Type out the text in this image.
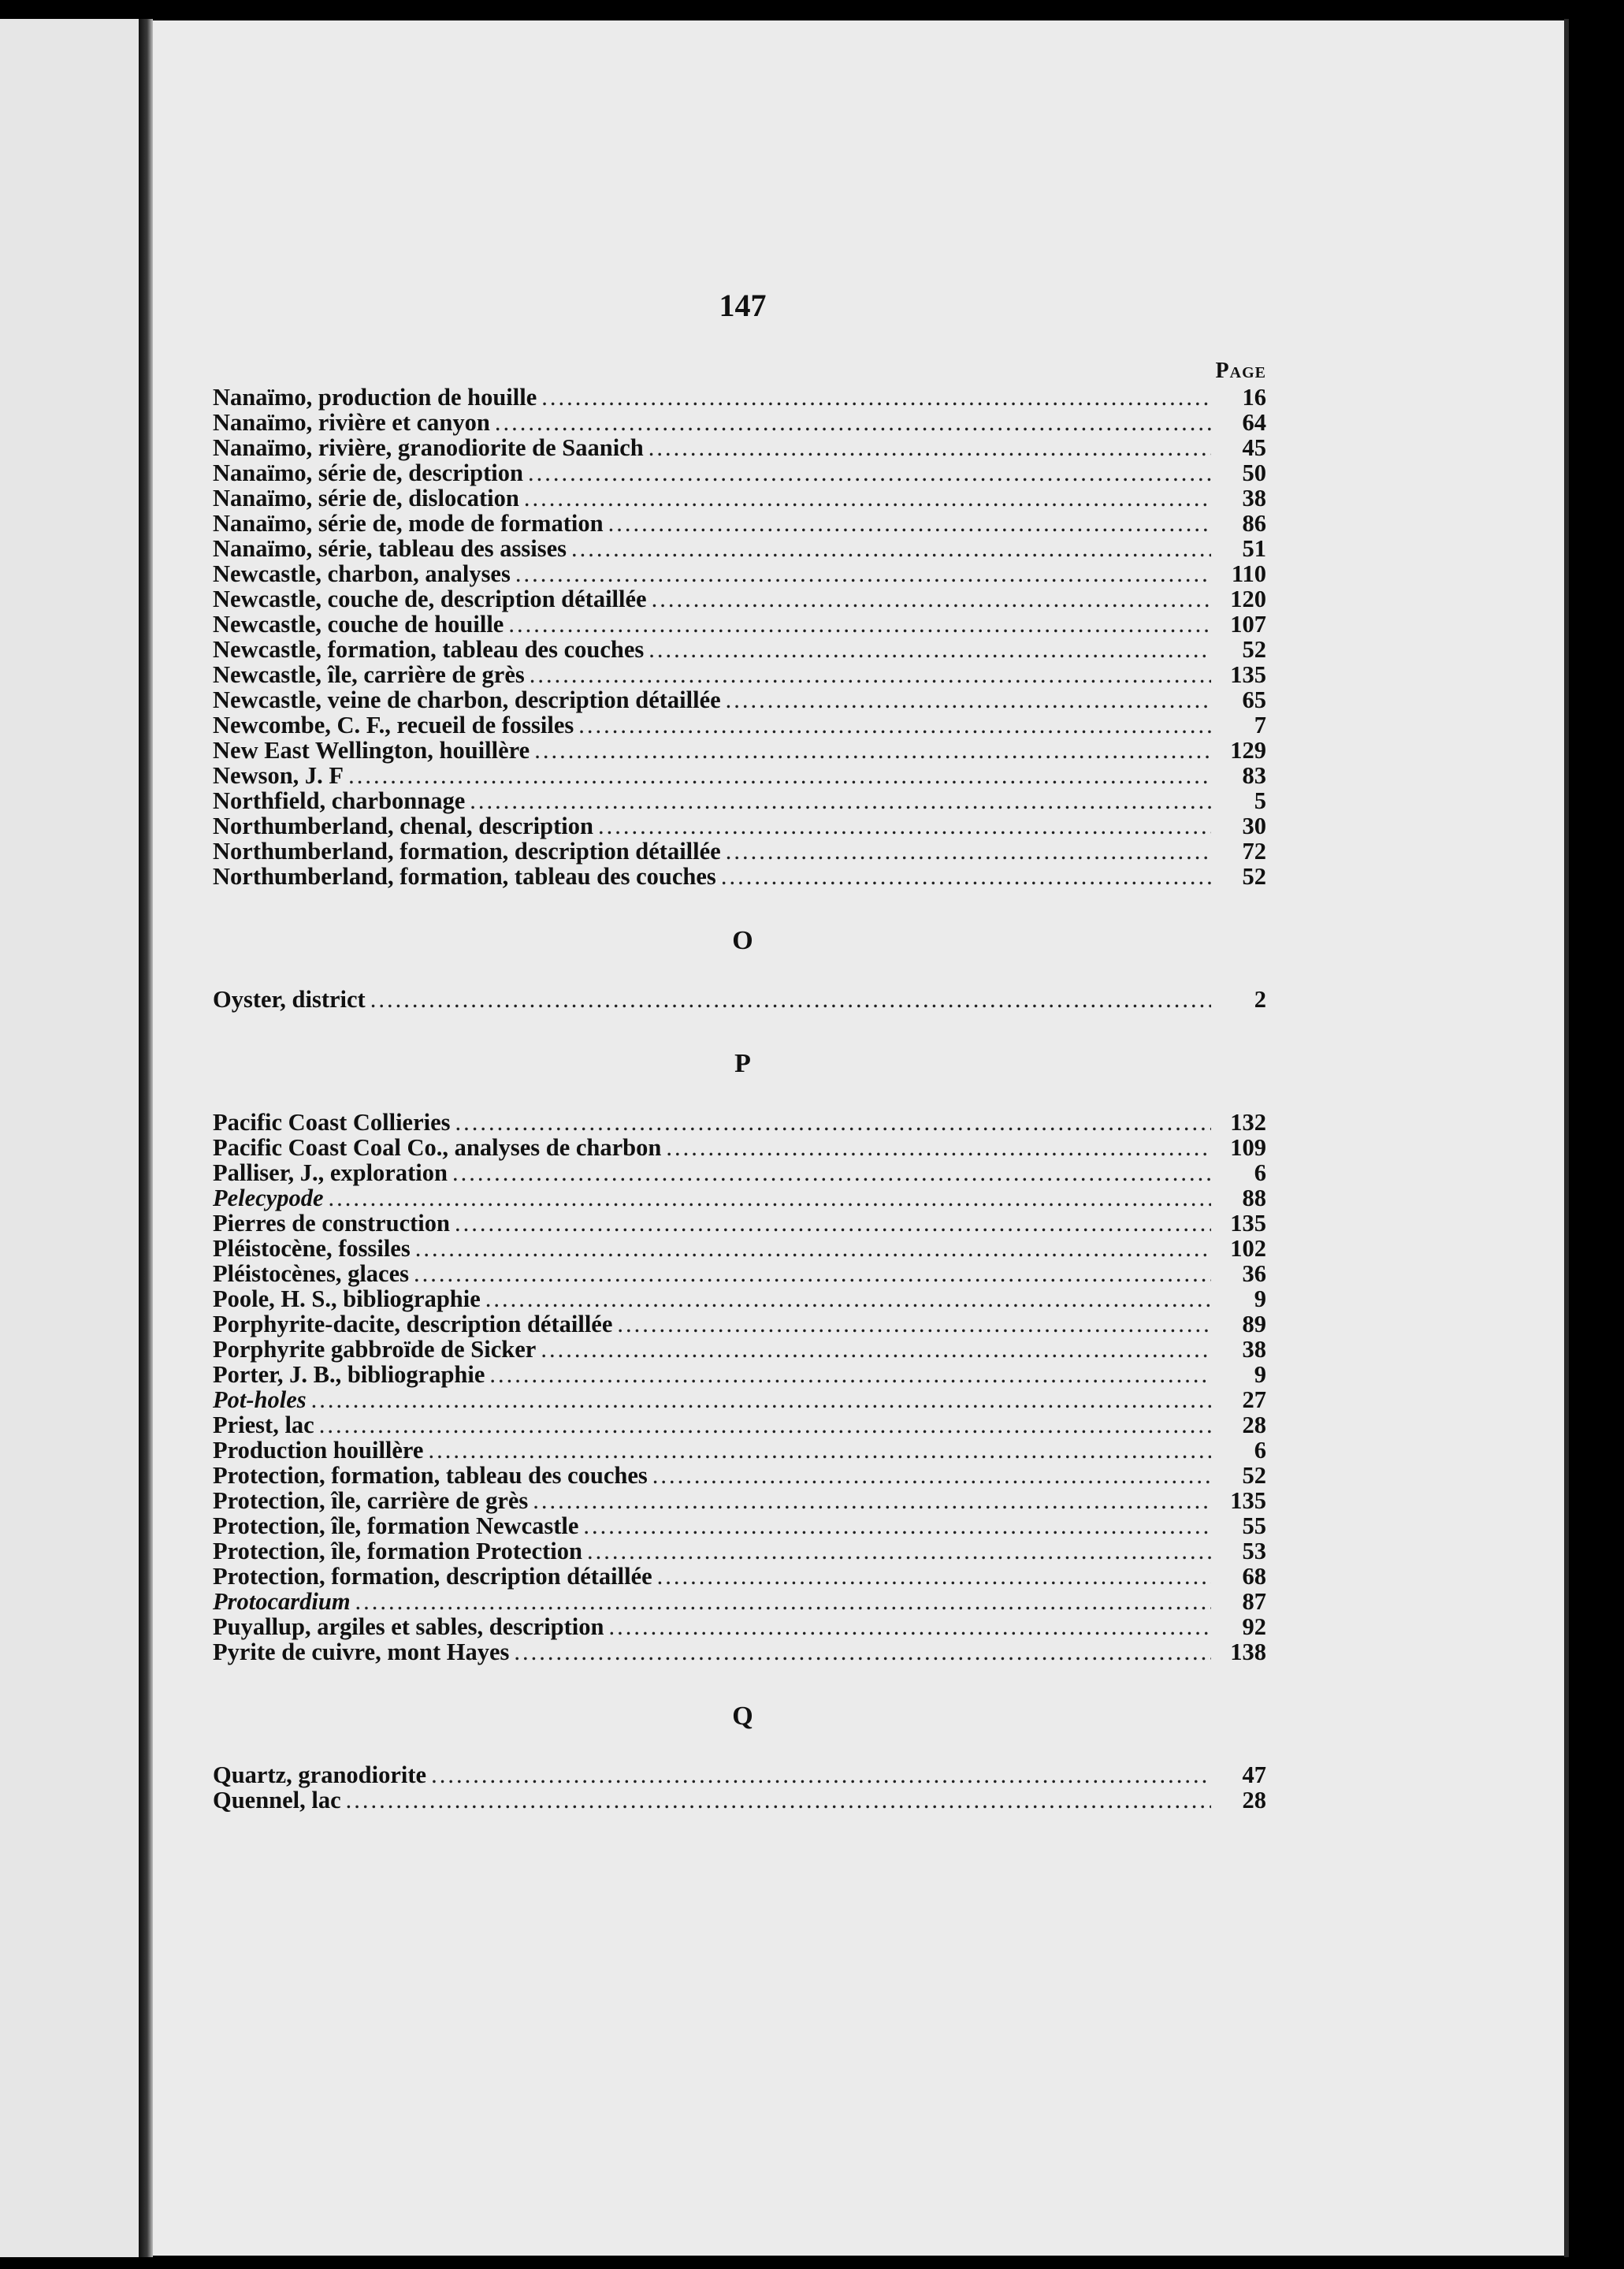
147
Page
Nanaïmo, production de houille .....	16
Nanaïmo, rivière et canyon .....	64
Nanaïmo, rivière, granodiorite de Saanich .....	45
Nanaïmo, série de, description .....	50
Nanaïmo, série de, dislocation .....	38
Nanaïmo, série de, mode de formation .....	86
Nanaïmo, série, tableau des assises .....	51
Newcastle, charbon, analyses .....	110
Newcastle, couche de, description détaillée .....	120
Newcastle, couche de houille .....	107
Newcastle, formation, tableau des couches .....	52
Newcastle, île, carrière de grès .....	135
Newcastle, veine de charbon, description détaillée .....	65
Newcombe, C. F., recueil de fossiles .....	7
New East Wellington, houillère .....	129
Newson, J. F .....	83
Northfield, charbonnage .....	5
Northumberland, chenal, description .....	30
Northumberland, formation, description détaillée .....	72
Northumberland, formation, tableau des couches .....	52
O
Oyster, district .....	2
P
Pacific Coast Collieries .....	132
Pacific Coast Coal Co., analyses de charbon .....	109
Palliser, J., exploration .....	6
Pelecypode .....	88
Pierres de construction .....	135
Pléistocène, fossiles .....	102
Pléistocènes, glaces .....	36
Poole, H. S., bibliographie .....	9
Porphyrite-dacite, description détaillée .....	89
Porphyrite gabbroïde de Sicker .....	38
Porter, J. B., bibliographie .....	9
Pot-holes .....	27
Priest, lac .....	28
Production houillère .....	6
Protection, formation, tableau des couches .....	52
Protection, île, carrière de grès .....	135
Protection, île, formation Newcastle .....	55
Protection, île, formation Protection .....	53
Protection, formation, description détaillée .....	68
Protocardium .....	87
Puyallup, argiles et sables, description .....	92
Pyrite de cuivre, mont Hayes .....	138
Q
Quartz, granodiorite .....	47
Quennel, lac .....	28
